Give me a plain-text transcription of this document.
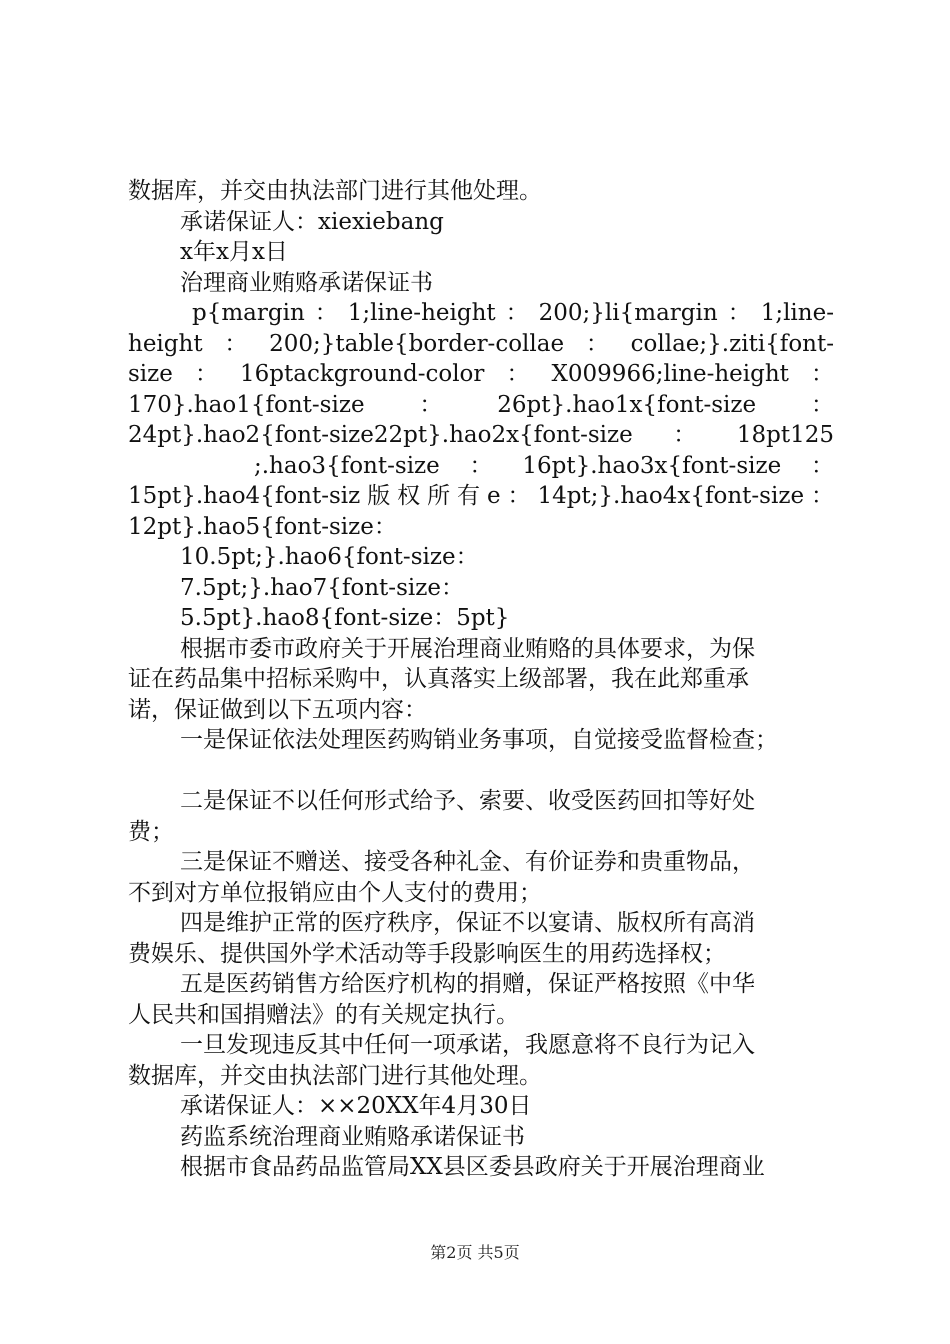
数据库，并交由执法部门进行其他处理。
承诺保证人：xiexiebang
x年x月x日
治理商业贿赂承诺保证书
p{margin：1;line-height：200;}li{margin：1;line-
height：200;}table{border-collae：collae;}.ziti{font-
size：16ptackground-color：X009966;line-height：
170}.hao1{font-size：26pt}.hao1x{font-size：
24pt}.hao2{font-size22pt}.hao2x{font-size：18pt125
;.hao3{font-size：16pt}.hao3x{font-size：
15pt}.hao4{font-siz版权所有e：14pt;}.hao4x{font-size：
12pt}.hao5{font-size：
10.5pt;}.hao6{font-size：
7.5pt;}.hao7{font-size：
5.5pt}.hao8{font-size：5pt}
根据市委市政府关于开展治理商业贿赂的具体要求，为保
证在药品集中招标采购中，认真落实上级部署，我在此郑重承
诺，保证做到以下五项内容：
一是保证依法处理医药购销业务事项，自觉接受监督检查；
二是保证不以任何形式给予、索要、收受医药回扣等好处
费；
三是保证不赠送、接受各种礼金、有价证券和贵重物品，
不到对方单位报销应由个人支付的费用；
四是维护正常的医疗秩序，保证不以宴请、版权所有高消
费娱乐、提供国外学术活动等手段影响医生的用药选择权；
五是医药销售方给医疗机构的捐赠，保证严格按照《中华
人民共和国捐赠法》的有关规定执行。
一旦发现违反其中任何一项承诺，我愿意将不良行为记入
数据库，并交由执法部门进行其他处理。
承诺保证人：××20XX年4月30日
药监系统治理商业贿赂承诺保证书
根据市食品药品监管局XX县区委县政府关于开展治理商业
第2页 共5页
